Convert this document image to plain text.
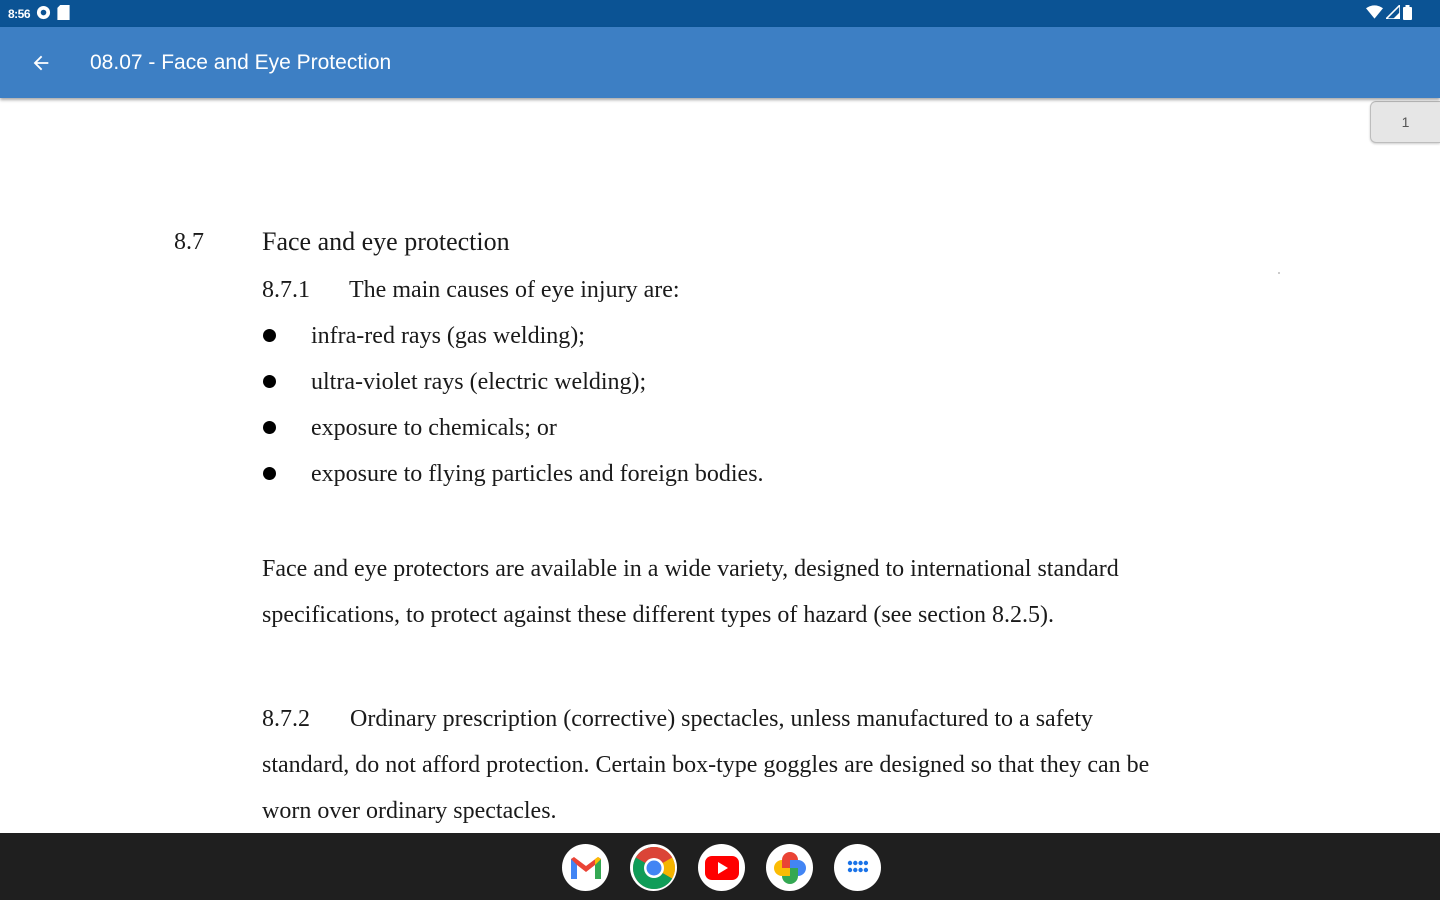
8:56
08.07 - Face and Eye Protection
8.7 Face and eye protection
8.7.1 The main causes of eye injury are:
infra-red rays (gas welding);
ultra-violet rays (electric welding);
exposure to chemicals; or
exposure to flying particles and foreign bodies.
Face and eye protectors are available in a wide variety, designed to international standard
specifications, to protect against these different types of hazard (see section 8.2.5).
8.7.2 Ordinary prescription (corrective) spectacles, unless manufactured to a safety
standard, do not afford protection. Certain box-type goggles are designed so that they can be
worn over ordinary spectacles.
1
